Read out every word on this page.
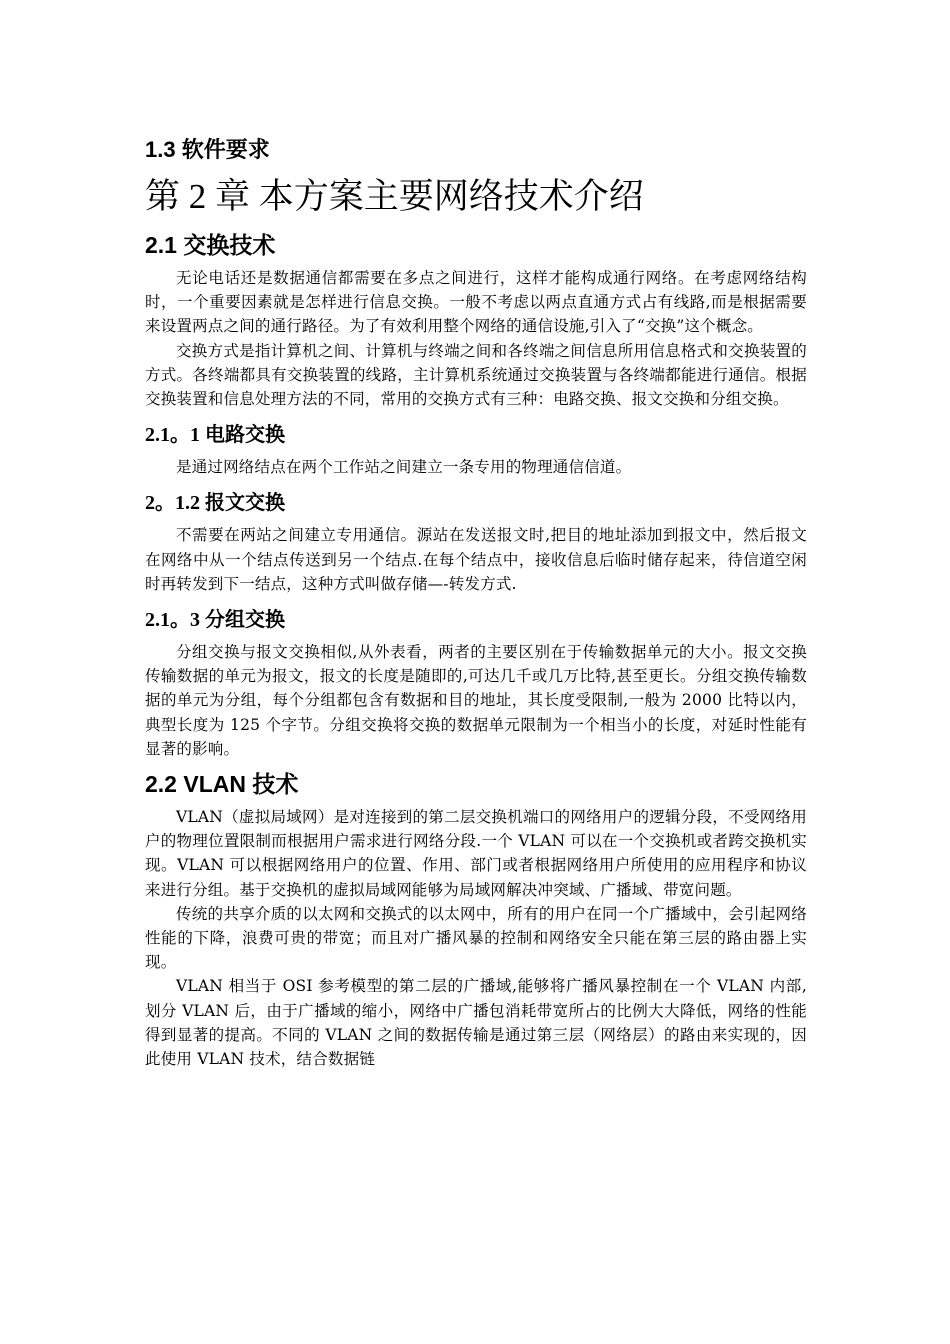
1.3 软件要求
第 2 章 本方案主要网络技术介绍
2.1 交换技术

无论电话还是数据通信都需要在多点之间进行，这样才能构成通行网络。在考虑网络结构时，一个重要因素就是怎样进行信息交换。一般不考虑以两点直通方式占有线路,而是根据需要来设置两点之间的通行路径。为了有效利用整个网络的通信设施,引入了“交换”这个概念。

交换方式是指计算机之间、计算机与终端之间和各终端之间信息所用信息格式和交换装置的方式。各终端都具有交换装置的线路，主计算机系统通过交换装置与各终端都能进行通信。根据交换装置和信息处理方法的不同，常用的交换方式有三种：电路交换、报文交换和分组交换。

2.1。1 电路交换

是通过网络结点在两个工作站之间建立一条专用的物理通信信道。

2。1.2 报文交换

不需要在两站之间建立专用通信。源站在发送报文时,把目的地址添加到报文中，然后报文在网络中从一个结点传送到另一个结点.在每个结点中，接收信息后临时储存起来，待信道空闲时再转发到下一结点，这种方式叫做存储—-转发方式.

2.1。3 分组交换

分组交换与报文交换相似,从外表看，两者的主要区别在于传输数据单元的大小。报文交换传输数据的单元为报文，报文的长度是随即的,可达几千或几万比特,甚至更长。分组交换传输数据的单元为分组，每个分组都包含有数据和目的地址，其长度受限制,一般为 2000 比特以内，典型长度为 125 个字节。分组交换将交换的数据单元限制为一个相当小的长度，对延时性能有显著的影响。

2.2 VLAN 技术

VLAN（虚拟局域网）是对连接到的第二层交换机端口的网络用户的逻辑分段，不受网络用户的物理位置限制而根据用户需求进行网络分段.一个 VLAN 可以在一个交换机或者跨交换机实现。VLAN 可以根据网络用户的位置、作用、部门或者根据网络用户所使用的应用程序和协议来进行分组。基于交换机的虚拟局域网能够为局域网解决冲突域、广播域、带宽问题。

传统的共享介质的以太网和交换式的以太网中，所有的用户在同一个广播域中，会引起网络性能的下降，浪费可贵的带宽；而且对广播风暴的控制和网络安全只能在第三层的路由器上实现。

VLAN 相当于 OSI 参考模型的第二层的广播域,能够将广播风暴控制在一个 VLAN 内部,划分 VLAN 后，由于广播域的缩小，网络中广播包消耗带宽所占的比例大大降低，网络的性能得到显著的提高。不同的 VLAN 之间的数据传输是通过第三层（网络层）的路由来实现的，因此使用 VLAN 技术，结合数据链
